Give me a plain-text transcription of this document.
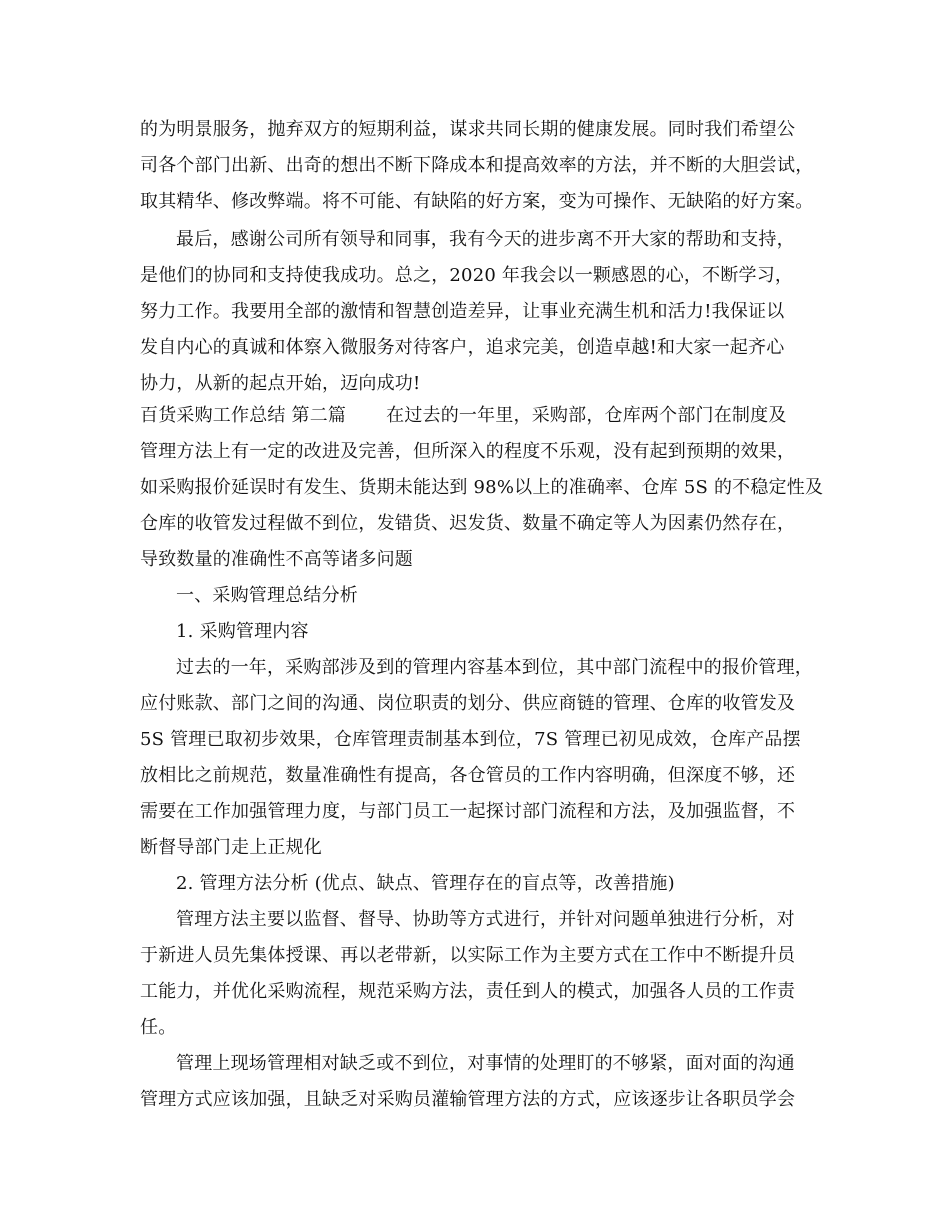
的为明景服务，抛弃双方的短期利益，谋求共同长期的健康发展。同时我们希望公
司各个部门出新、出奇的想出不断下降成本和提高效率的方法，并不断的大胆尝试，
取其精华、修改弊端。将不可能、有缺陷的好方案，变为可操作、无缺陷的好方案。
最后，感谢公司所有领导和同事，我有今天的进步离不开大家的帮助和支持，
是他们的协同和支持使我成功。总之，2020 年我会以一颗感恩的心，不断学习，
努力工作。我要用全部的激情和智慧创造差异，让事业充满生机和活力!我保证以
发自内心的真诚和体察入微服务对待客户，追求完美，创造卓越!和大家一起齐心
协力，从新的起点开始，迈向成功!
百货采购工作总结 第二篇 在过去的一年里，采购部，仓库两个部门在制度及
管理方法上有一定的改进及完善，但所深入的程度不乐观，没有起到预期的效果，
如采购报价延误时有发生、货期未能达到 98%以上的准确率、仓库 5S 的不稳定性及
仓库的收管发过程做不到位，发错货、迟发货、数量不确定等人为因素仍然存在，
导致数量的准确性不高等诸多问题
一、采购管理总结分析
1. 采购管理内容
过去的一年，采购部涉及到的管理内容基本到位，其中部门流程中的报价管理，
应付账款、部门之间的沟通、岗位职责的划分、供应商链的管理、仓库的收管发及
5S 管理已取初步效果，仓库管理责制基本到位，7S 管理已初见成效，仓库产品摆
放相比之前规范，数量准确性有提高，各仓管员的工作内容明确，但深度不够，还
需要在工作加强管理力度，与部门员工一起探讨部门流程和方法，及加强监督，不
断督导部门走上正规化
2. 管理方法分析 (优点、缺点、管理存在的盲点等，改善措施)
管理方法主要以监督、督导、协助等方式进行，并针对问题单独进行分析，对
于新进人员先集体授课、再以老带新，以实际工作为主要方式在工作中不断提升员
工能力，并优化采购流程，规范采购方法，责任到人的模式，加强各人员的工作责
任。
管理上现场管理相对缺乏或不到位，对事情的处理盯的不够紧，面对面的沟通
管理方式应该加强，且缺乏对采购员灌输管理方法的方式，应该逐步让各职员学会
